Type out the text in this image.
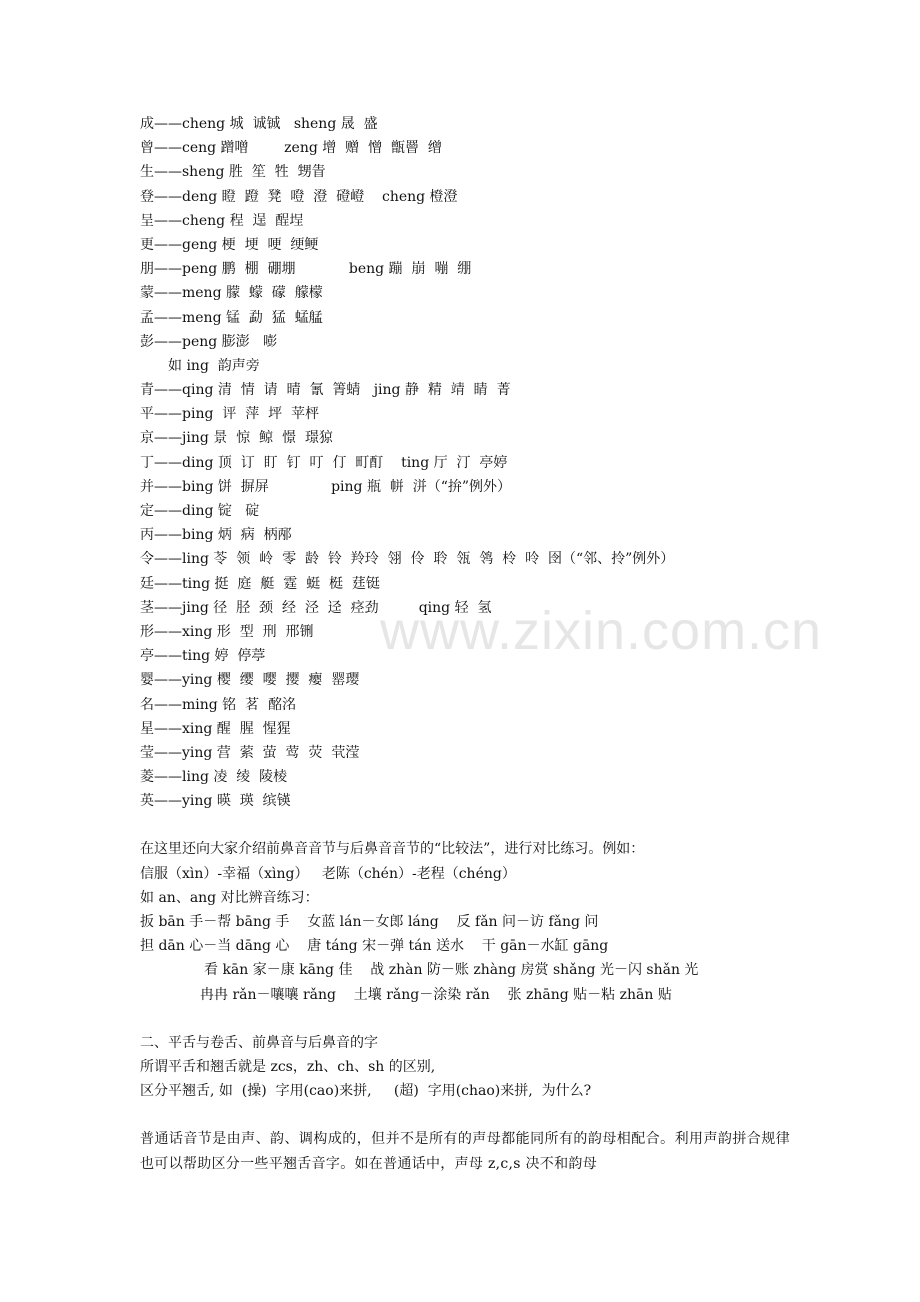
www.zixin.com.cn
成——cheng 城  诚铖   sheng 晟  盛
曾——ceng 蹭噌        zeng 增  赠  憎  甑罾  缯
生——sheng 胜  笙  牲  甥眚
登——deng 瞪  蹬  凳  噔  澄  磴嶝    cheng 橙澄
呈——cheng 程  逞  酲埕
更——geng 梗  埂  哽  绠鲠
朋——peng 鹏  棚  硼堋            beng 蹦  崩  嘣  绷
蒙——meng 朦  蠓  礞  艨檬
孟——meng 锰  勐  猛  蜢艋
彭——peng 膨澎   嘭
如 ing  韵声旁
青——qing 清  情  请  晴  氰  箐蜻   jing 静  精  靖  睛  菁
平——ping  评  萍  坪  苹枰
京——jing 景  惊  鲸  憬  璟猄
丁——ding 顶  订  盯  钉  叮  仃  町酊    ting 厅  汀  亭婷
并——bing 饼  摒屏              ping 瓶  帡  洴（“拚”例外）
定——ding 锭   碇
丙——bing 炳  病  柄邴
令——ling 苓  领  岭  零  龄  铃  羚玲  翎  伶  聆  瓴  鸰  柃  呤  囹（“邻、拎”例外）
廷——ting 挺  庭  艇  霆  蜓  梃  莛铤
茎——jing 径  胫  颈  经  泾  迳  痉劲         qing 轻  氢
形——xing 形  型  刑  邢铏
亭——ting 婷  停葶
婴——ying 樱  缨  嘤  撄  瘿  罂璎
名——ming 铭  茗  酩洺
星——xing 醒  腥  惺猩
莹——ying 营  萦  萤  莺  荧  茕滢
菱——ling 凌  绫  陵棱
英——ying 暎  瑛  缤锳
在这里还向大家介绍前鼻音音节与后鼻音音节的“比较法”，进行对比练习。例如：
信服（xìn）-幸福（xìng）   老陈（chén）-老程（chéng）
如 an、ang 对比辨音练习：
扳 bān 手－帮 bāng 手    女蓝 lán－女郎 láng    反 fǎn 问－访 fǎng 问
担 dān 心－当 dāng 心    唐 táng 宋－弹 tán 送水    干 gān－水缸 gāng
看 kān 家－康 kāng 佳    战 zhàn 防－账 zhàng 房赏 shǎng 光－闪 shǎn 光
冉冉 rǎn－嚷嚷 rǎng    土壤 rǎng－涂染 rǎn    张 zhāng 贴－粘 zhān 贴
二、平舌与卷舌、前鼻音与后鼻音的字
所谓平舌和翘舌就是 zcs，zh、ch、sh 的区别,
区分平翘舌, 如  (操)  字用(cao)来拼,     (超)  字用(chao)来拼,  为什么?
普通话音节是由声、韵、调构成的，但并不是所有的声母都能同所有的韵母相配合。利用声韵拼合规律也可以帮助区分一些平翘舌音字。如在普通话中，声母 z,c,s 决不和韵母
